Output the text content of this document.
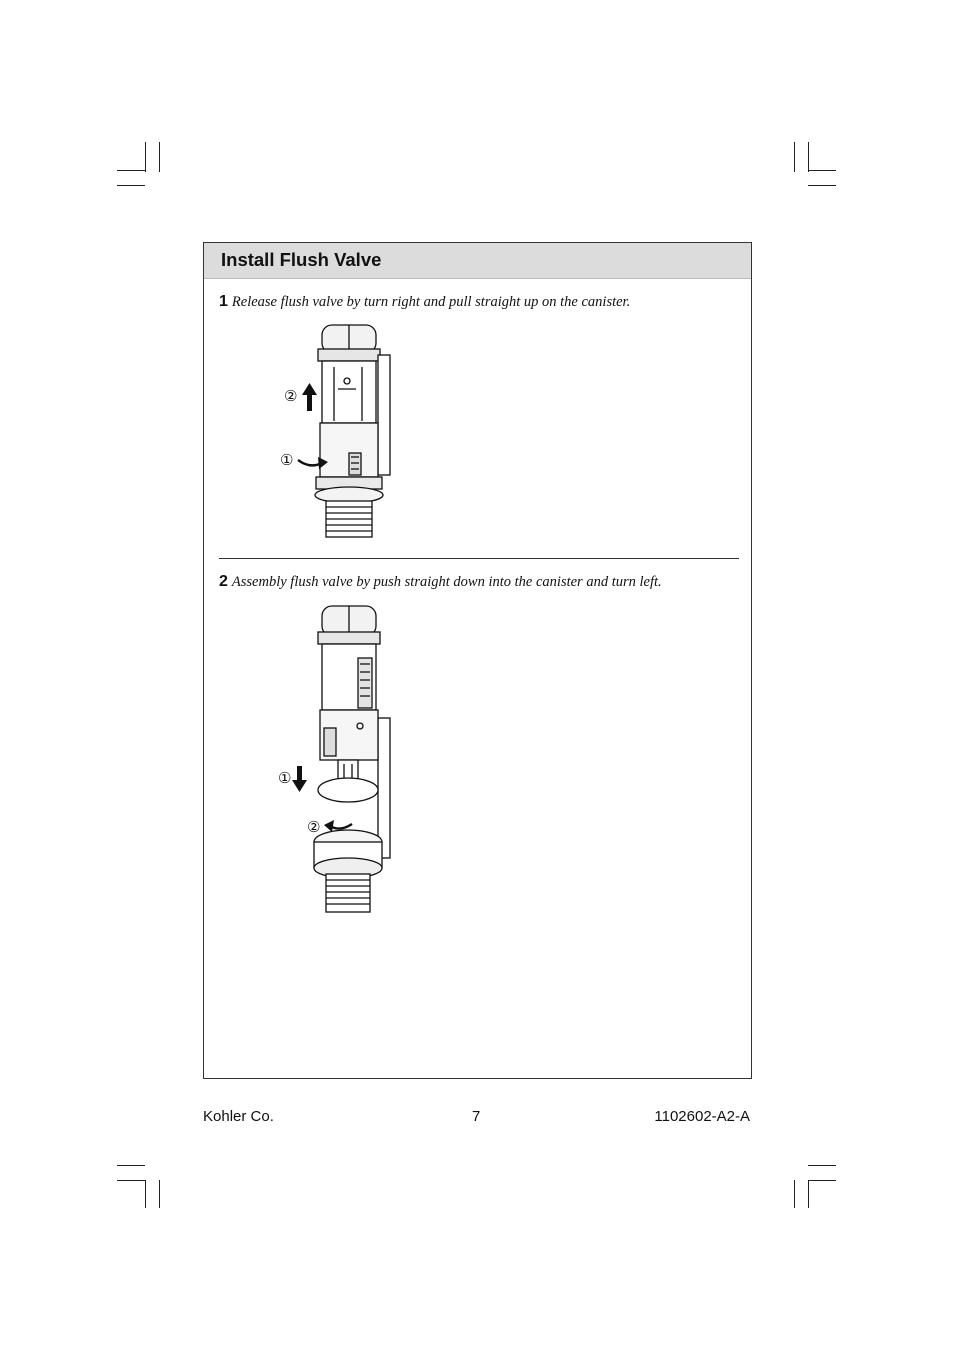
Install Flush Valve
1 Release flush valve by turn right and pull straight up on the canister.
②
①
2 Assembly flush valve by push straight down into the canister and turn left.
①
②
Kohler Co.	7	1102602-A2-A
